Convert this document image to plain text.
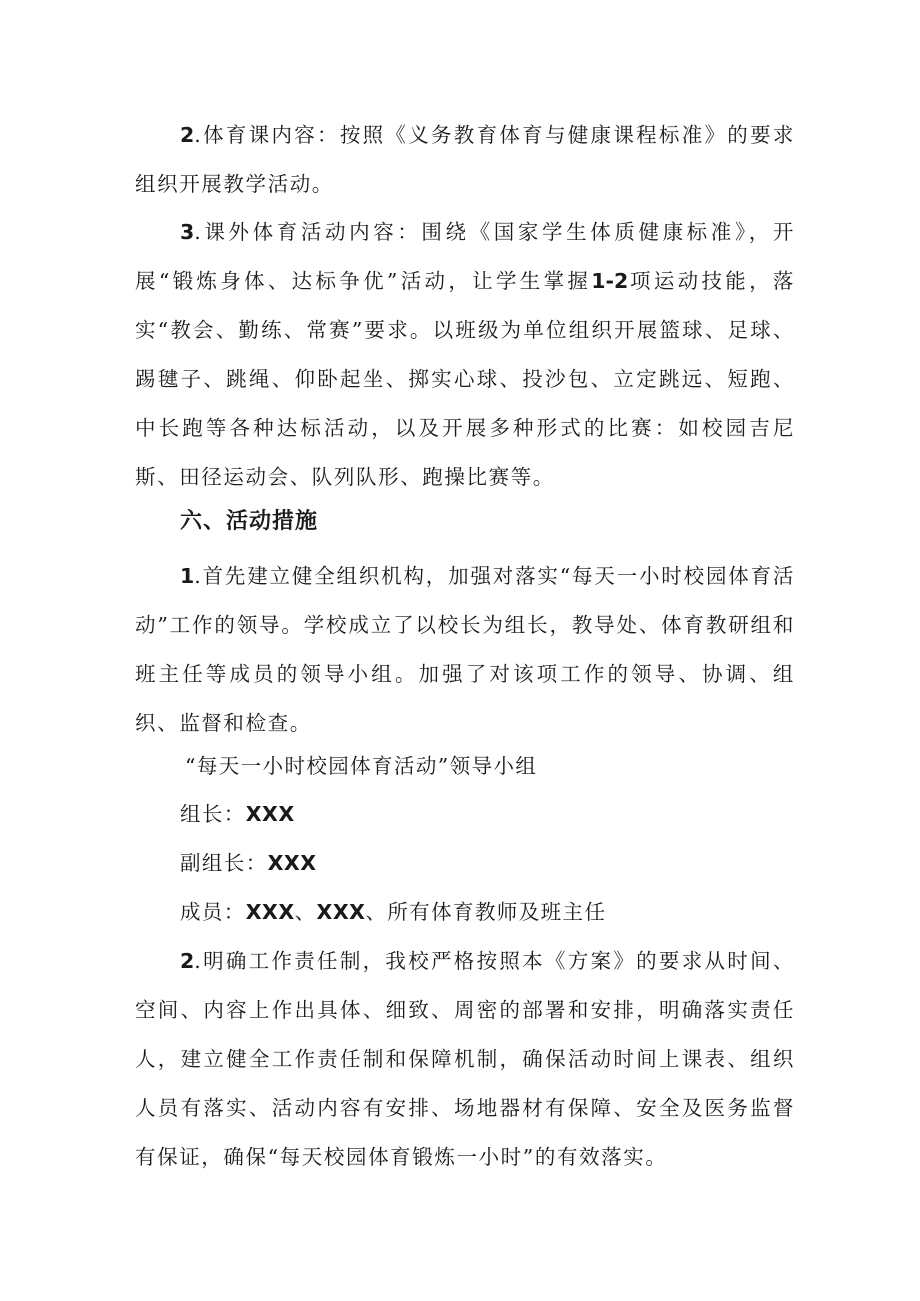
2.体育课内容：按照《义务教育体育与健康课程标准》的要求组织开展教学活动。

3.课外体育活动内容：围绕《国家学生体质健康标准》，开展“锻炼身体、达标争优”活动，让学生掌握1-2项运动技能，落实“教会、勤练、常赛”要求。以班级为单位组织开展篮球、足球、踢毽子、跳绳、仰卧起坐、掷实心球、投沙包、立定跳远、短跑、中长跑等各种达标活动，以及开展多种形式的比赛：如校园吉尼斯、田径运动会、队列队形、跑操比赛等。

六、活动措施

1.首先建立健全组织机构，加强对落实“每天一小时校园体育活动”工作的领导。学校成立了以校长为组长，教导处、体育教研组和班主任等成员的领导小组。加强了对该项工作的领导、协调、组织、监督和检查。

“每天一小时校园体育活动”领导小组

组长：XXX

副组长：XXX

成员：XXX、XXX、所有体育教师及班主任

2.明确工作责任制，我校严格按照本《方案》的要求从时间、空间、内容上作出具体、细致、周密的部署和安排，明确落实责任人，建立健全工作责任制和保障机制，确保活动时间上课表、组织人员有落实、活动内容有安排、场地器材有保障、安全及医务监督有保证，确保“每天校园体育锻炼一小时”的有效落实。
